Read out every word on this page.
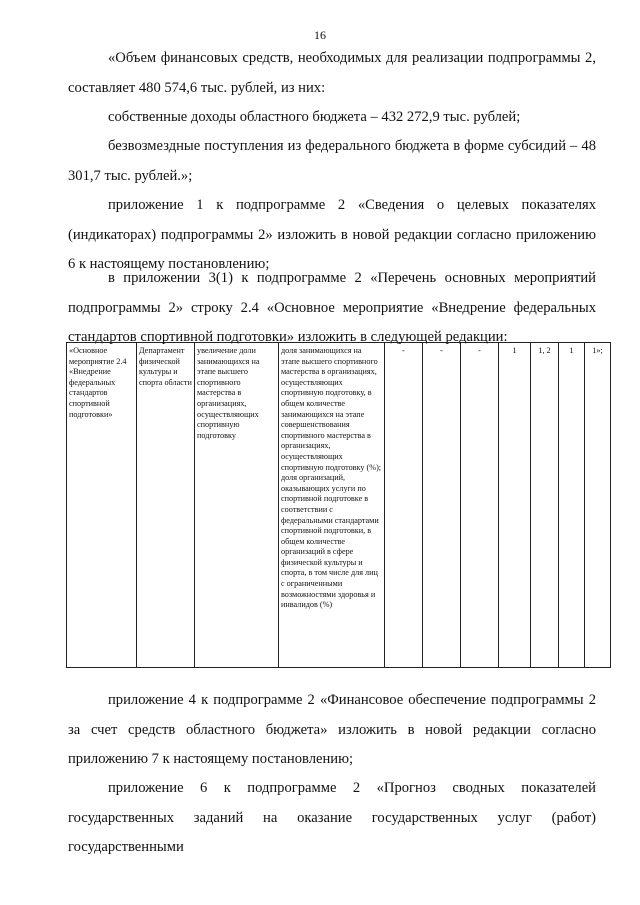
16

«Объем финансовых средств, необходимых для реализации подпрограммы 2, составляет 480 574,6 тыс. рублей, из них:

собственные доходы областного бюджета – 432 272,9 тыс. рублей;

безвозмездные поступления из федерального бюджета в форме субсидий – 48 301,7 тыс. рублей.»;

приложение 1 к подпрограмме 2 «Сведения о целевых показателях (индикаторах) подпрограммы 2» изложить в новой редакции согласно приложению 6 к настоящему постановлению;

в приложении 3(1) к подпрограмме 2 «Перечень основных мероприятий подпрограммы 2» строку 2.4 «Основное мероприятие «Внедрение федеральных стандартов спортивной подготовки» изложить в следующей редакции:

«Основное мероприятие 2.4 «Внедрение федеральных стандартов спортивной подготовки»	Департамент физической культуры и спорта области	увеличение доли занимающихся на этапе высшего спортивного мастерства в организациях, осуществляющих спортивную подготовку	доля занимающихся на этапе высшего спортивного мастерства в организациях, осуществляющих спортивную подготовку, в общем количестве занимающихся на этапе совершенствования спортивного мастерства в организациях, осуществляющих спортивную подготовку (%); доля организаций, оказывающих услуги по спортивной подготовке в соответствии с федеральными стандартами спортивной подготовки, в общем количестве организаций в сфере физической культуры и спорта, в том числе для лиц с ограниченными возможностями здоровья и инвалидов (%)	-	-	-	1	1, 2	1	1»;

приложение 4 к подпрограмме 2 «Финансовое обеспечение подпрограммы 2 за счет средств областного бюджета» изложить в новой редакции согласно приложению 7 к настоящему постановлению;

приложение 6 к подпрограмме 2 «Прогноз сводных показателей государственных заданий на оказание государственных услуг (работ) государственными
